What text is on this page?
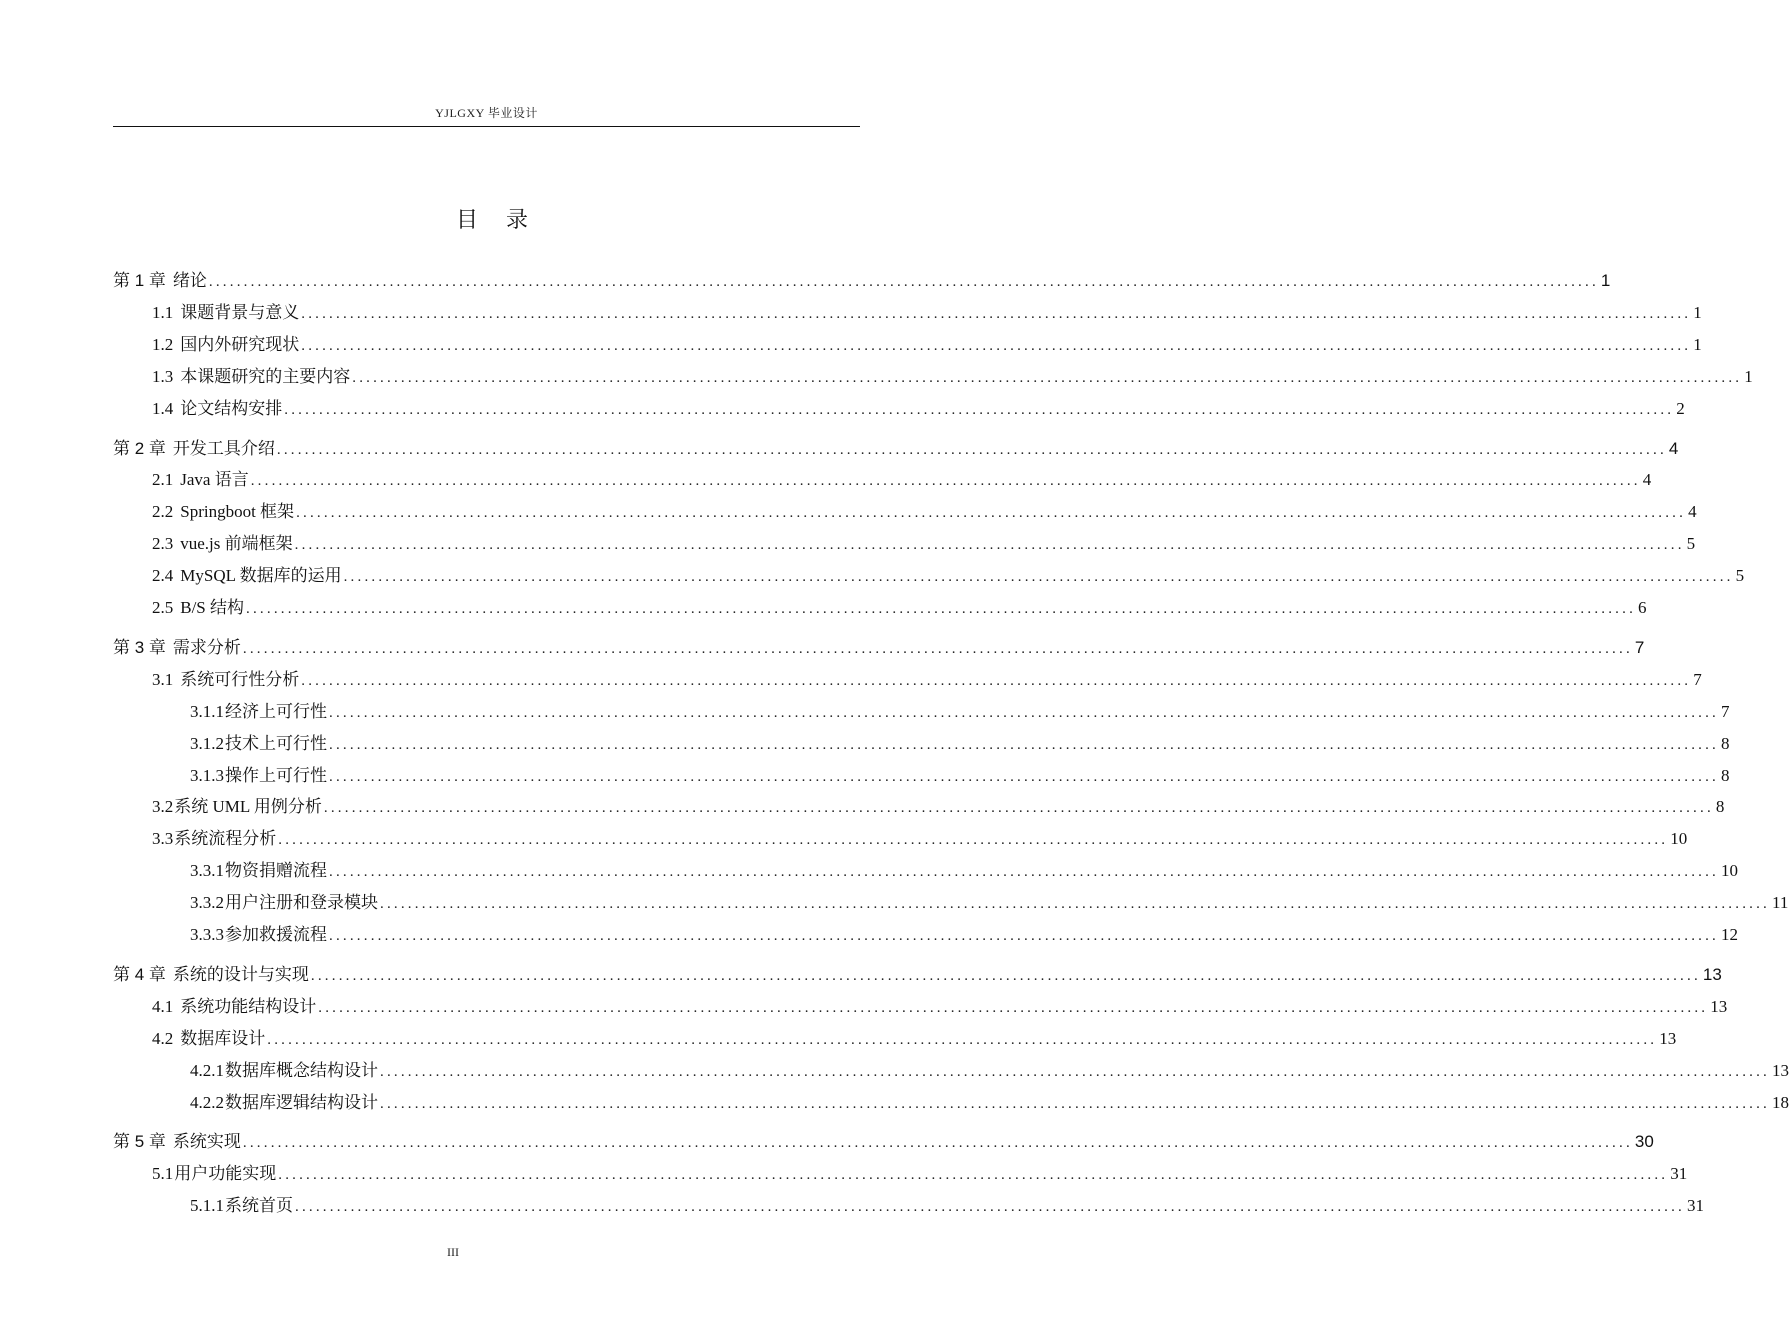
YJLGXY 毕业设计
目录
第 1 章 绪论 ........................................................................................................................................................................................................ 1
1.1 课题背景与意义 ........................................................................................................................................................................................................ 1
1.2 国内外研究现状 ........................................................................................................................................................................................................ 1
1.3 本课题研究的主要内容 ........................................................................................................................................................................................................ 1
1.4 论文结构安排 ........................................................................................................................................................................................................ 2
第 2 章 开发工具介绍 ........................................................................................................................................................................................................ 4
2.1 Java 语言 ........................................................................................................................................................................................................ 4
2.2 Springboot 框架 ........................................................................................................................................................................................................ 4
2.3 vue.js 前端框架 ........................................................................................................................................................................................................ 5
2.4 MySQL 数据库的运用 ........................................................................................................................................................................................................ 5
2.5 B/S 结构 ........................................................................................................................................................................................................ 6
第 3 章 需求分析 ........................................................................................................................................................................................................ 7
3.1 系统可行性分析 ........................................................................................................................................................................................................ 7
3.1.1 经济上可行性 ........................................................................................................................................................................................................ 7
3.1.2 技术上可行性 ........................................................................................................................................................................................................ 8
3.1.3 操作上可行性 ........................................................................................................................................................................................................ 8
3.2 系统 UML 用例分析 ........................................................................................................................................................................................................ 8
3.3 系统流程分析 ........................................................................................................................................................................................................ 10
3.3.1 物资捐赠流程 ........................................................................................................................................................................................................ 10
3.3.2 用户注册和登录模块 ........................................................................................................................................................................................................ 11
3.3.3 参加救援流程 ........................................................................................................................................................................................................ 12
第 4 章 系统的设计与实现 ........................................................................................................................................................................................................ 13
4.1 系统功能结构设计 ........................................................................................................................................................................................................ 13
4.2 数据库设计 ........................................................................................................................................................................................................ 13
4.2.1 数据库概念结构设计 ........................................................................................................................................................................................................ 13
4.2.2 数据库逻辑结构设计 ........................................................................................................................................................................................................ 18
第 5 章 系统实现 ........................................................................................................................................................................................................ 30
5.1 用户功能实现 ........................................................................................................................................................................................................ 31
5.1.1 系统首页 ........................................................................................................................................................................................................ 31
III
